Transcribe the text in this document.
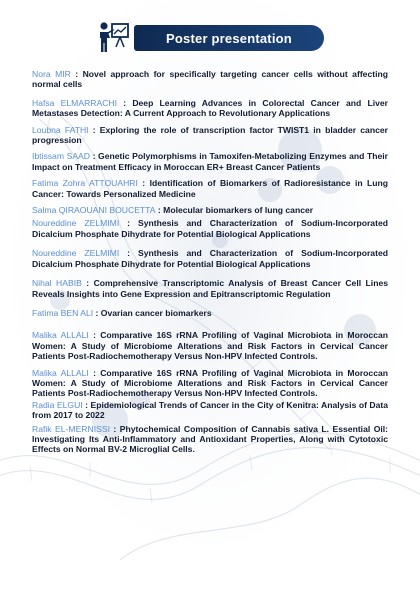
Poster presentation
Nora MIR : Novel approach for specifically targeting cancer cells without affecting normal cells
Hafsa ELMARRACHI : Deep Learning Advances in Colorectal Cancer and Liver Metastases Detection: A Current Approach to Revolutionary Applications
Loubna FATHI : Exploring the role of transcription factor TWIST1 in bladder cancer progression
Ibtissam SAAD : Genetic Polymorphisms in Tamoxifen-Metabolizing Enzymes and Their Impact on Treatment Efficacy in Moroccan ER+ Breast Cancer Patients
Fatima Zohra ATTOUAHRI : Identification of Biomarkers of Radioresistance in Lung Cancer: Towards Personalized Medicine
Salma QIRAOUANI BOUCETTA : Molecular biomarkers of lung cancer
Noureddine ZELMIMI : Synthesis and Characterization of Sodium-Incorporated Dicalcium Phosphate Dihydrate for Potential Biological Applications
Noureddine ZELMIMI : Synthesis and Characterization of Sodium-Incorporated Dicalcium Phosphate Dihydrate for Potential Biological Applications
Nihal HABIB : Comprehensive Transcriptomic Analysis of Breast Cancer Cell Lines Reveals Insights into Gene Expression and Epitranscriptomic Regulation
Fatima BEN ALI : Ovarian cancer biomarkers
Malika ALLALI : Comparative 16S rRNA Profiling of Vaginal Microbiota in Moroccan Women: A Study of Microbiome Alterations and Risk Factors in Cervical Cancer Patients Post-Radiochemotherapy Versus Non-HPV Infected Controls.
Malika ALLALI : Comparative 16S rRNA Profiling of Vaginal Microbiota in Moroccan Women: A Study of Microbiome Alterations and Risk Factors in Cervical Cancer Patients Post-Radiochemotherapy Versus Non-HPV Infected Controls.
Radia ELGUI : Epidemiological Trends of Cancer in the City of Kenitra: Analysis of Data from 2017 to 2022
Rafik EL-MERNISSI : Phytochemical Composition of Cannabis sativa L. Essential Oil: Investigating Its Anti-Inflammatory and Antioxidant Properties, Along with Cytotoxic Effects on Normal BV-2 Microglial Cells.
